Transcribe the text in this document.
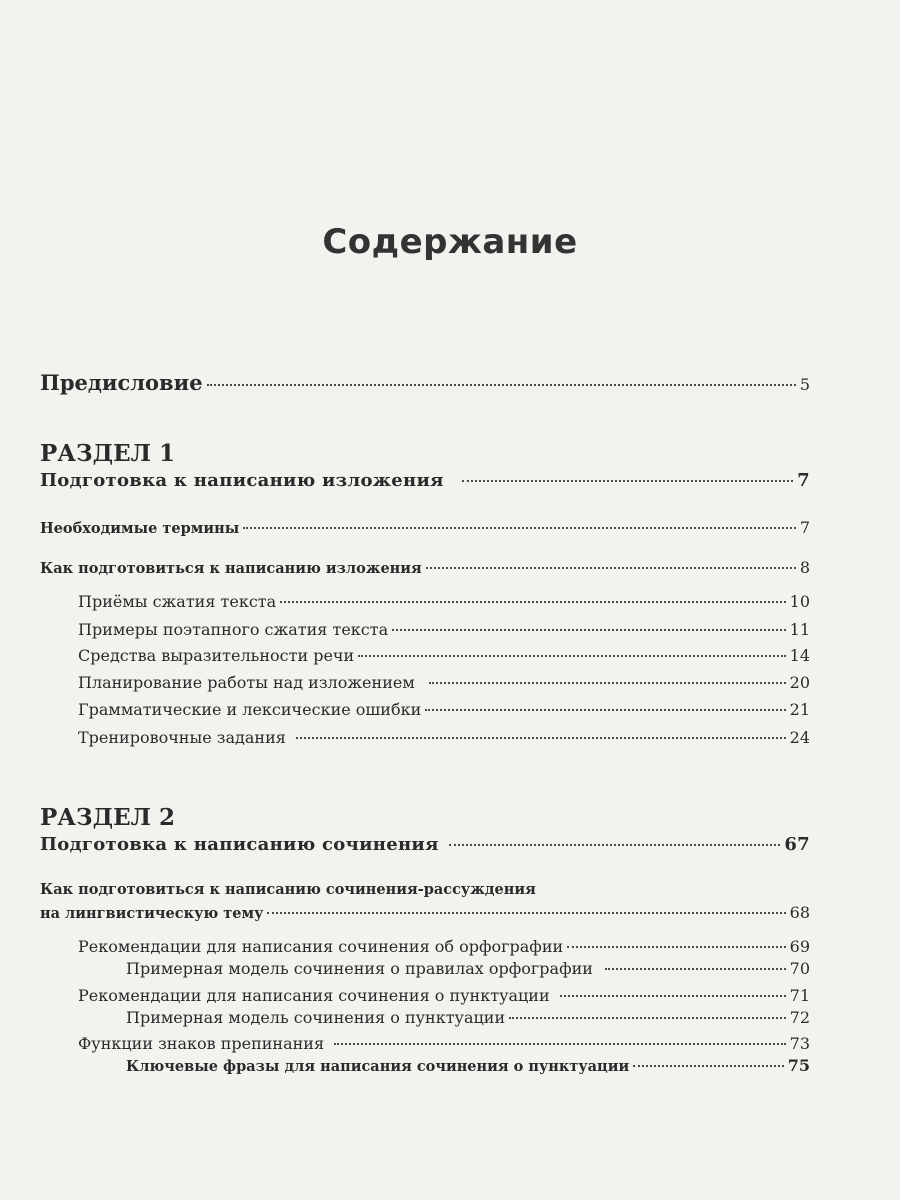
Содержание
Предисловие	5
РАЗДЕЛ 1
Подготовка к написанию изложения	7
Необходимые термины	7
Как подготовиться к написанию изложения	8
Приёмы сжатия текста	10
Примеры поэтапного сжатия текста	11
Средства выразительности речи	14
Планирование работы над изложением	20
Грамматические и лексические ошибки	21
Тренировочные задания	24
РАЗДЕЛ 2
Подготовка к написанию сочинения	67
Как подготовиться к написанию сочинения-рассуждения
на лингвистическую тему	68
Рекомендации для написания сочинения об орфографии	69
Примерная модель сочинения о правилах орфографии	70
Рекомендации для написания сочинения о пунктуации	71
Примерная модель сочинения о пунктуации	72
Функции знаков препинания	73
Ключевые фразы для написания сочинения о пунктуации	75
